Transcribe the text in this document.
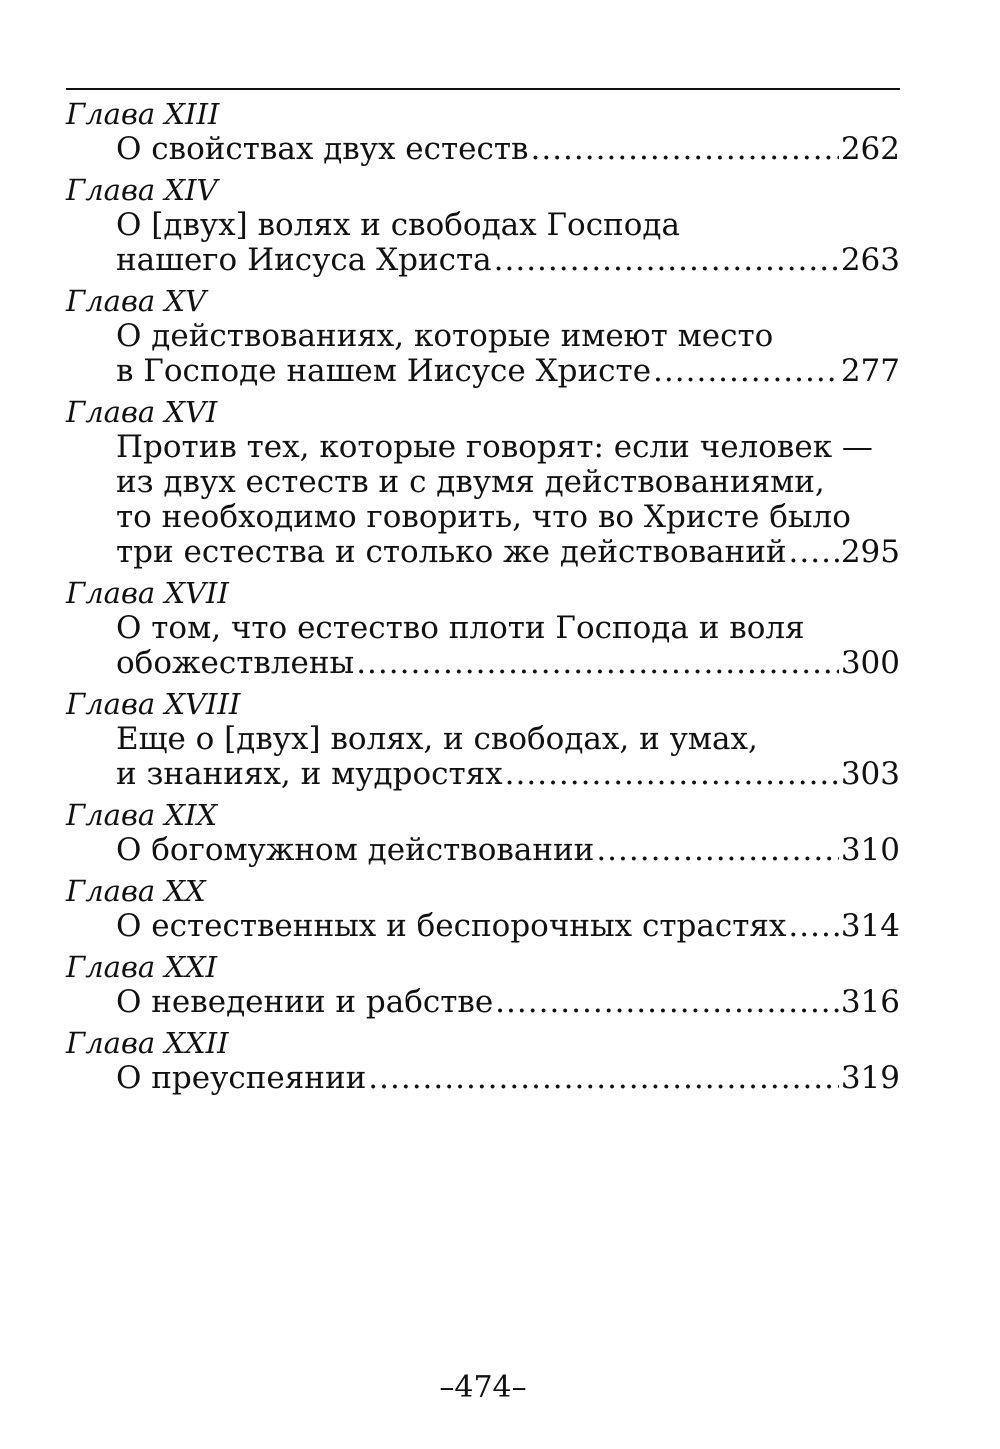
Глава XIII
О свойствах двух естеств .....	262
Глава XIV
О [двух] волях и свободах Господа
нашего Иисуса Христа .....	263
Глава XV
О действованиях, которые имеют место
в Господе нашем Иисусе Христе .....	277
Глава XVI
Против тех, которые говорят: если человек —
из двух естеств и с двумя действованиями,
то необходимо говорить, что во Христе было
три естества и столько же действований ..... 295
Глава XVII
О том, что естество плоти Господа и воля
обожествлены .....	300
Глава XVIII
Еще о [двух] волях, и свободах, и умах,
и знаниях, и мудростях .....	303
Глава XIX
О богомужном действовании .....	310
Глава XX
О естественных и беспорочных страстях ..... 314
Глава XXI
О неведении и рабстве .....	316
Глава XXII
О преуспеянии .....	319
–474–
